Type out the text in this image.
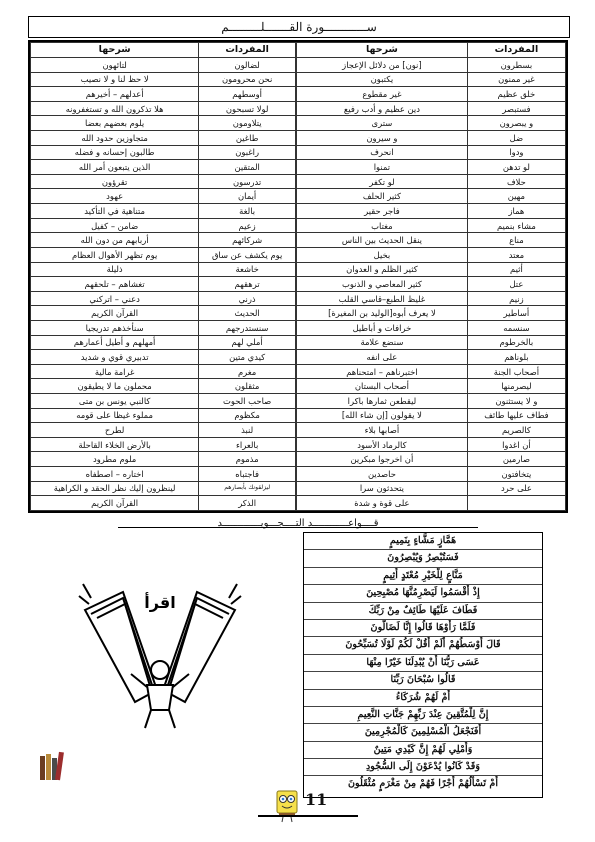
ســــــــــــورة القـــــــلـــــــــم
المفردات	شرحها
بسطرون	[نون] من دلائل الإعجاز
غير ممنون	يكتبون
خلق عظيم	غير مقطوع
فستبصر	دين عظيم و أدب رفيع
و يبصرون	سترى
ضل	و سيرون
ودوا	انحرف
لو تدهن	تمنوا
حلاف	لو تكفر
مهين	كثير الحلف
هماز	فاجر حقير
مشاء بنميم	مغتاب
مناع	ينقل الحديث بين الناس
معتد	بخيل
أثيم	كثير الظلم و العدوان
عتل	كثير المعاصي و الذنوب
زنيم	غليظ الطبع–قاسي القلب
أساطير	لا يعرف أبوه[الوليد بن المغيرة]
سنسمه	خرافات و أباطيل
بالخرطوم	سنضع علامة
بلوناهم	على انفه
أصحاب الجنة	اختبرناهم – امتحناهم
ليصرمنها	أصحاب البستان
و لا يستثنون	ليقطعن ثمارها باكرا
فطاف عليها طائف	لا يقولون [إن شاء الله]
كالصريم	أصابها بلاء
أن اغدوا	كالرماد الأسود
صارمين	أن اخرجوا مبكرين
يتخافتون	حاصدين
على حرد	يتحدثون سرا
	على قوة و شدة
المفردات	شرحها
لضالون	لتائهون
نحن محرومون	لا حظ لنا و لا نصيب
أوسطهم	أعدلهم – أخيرهم
لولا تسبحون	هلا تذكرون الله و تستغفرونه
يتلاومون	يلوم بعضهم بعضا
طاغين	متجاوزين حدود الله
راغبون	طالبون إحسانه و فضله
المتقين	الذين يتبعون أمر الله
تدرسون	تقرؤون
أيمان	عهود
بالغة	متناهية في التأكيد
زعيم	ضامن – كفيل
شركائهم	أربابهم من دون الله
يوم يكشف عن ساق	يوم تظهر الأهوال العظام
خاشعة	ذليلة
ترهقهم	تغشاهم – تلحقهم
ذرني	دعني – اتركني
الحديث	القرآن الكريم
سنستدرجهم	سنأخذهم تدريجيا
أملي لهم	أمهلهم و أطيل أعمارهم
كيدي متين	تدبيري قوي و شديد
مغرم	غرامة مالية
مثقلون	محملون ما لا يطيقون
صاحب الحوت	كالنبي يونس بن متى
مكظوم	مملوء غيظا على قومه
لنبذ	لطرح
بالعراء	بالأرض الخلاء القاحلة
مذموم	ملوم مطرود
فاجتباه	اختاره – اصطفاه
ليزلقونك بأبصارهم	لينظرون إليك نظر الحقد و الكراهية
الذكر	القرآن الكريم
قــــواعــــــــــــد التــــجـــويـــــــــــــد
هَمَّازٍ مَشَّاءٍ بِنَمِيمٍ
فَسَتُبْصِرُ وَيُبْصِرُونَ
مَنَّاعٍ لِلْخَيْرِ مُعْتَدٍ أَثِيمٍ
إِذْ أَقْسَمُوا لَيَصْرِمُنَّهَا مُصْبِحِينَ
فَطَافَ عَلَيْهَا طَائِفٌ مِنْ رَبِّكَ
فَلَمَّا رَأَوْهَا قَالُوا إِنَّا لَضَالُّونَ
قَالَ أَوْسَطُهُمْ أَلَمْ أَقُلْ لَكُمْ لَوْلَا تُسَبِّحُونَ
عَسَى رَبُّنَا أَنْ يُبْدِلَنَا خَيْرًا مِنْهَا
قَالُوا سُبْحَانَ رَبِّنَا
أَمْ لَهُمْ شُرَكَاءُ
إِنَّ لِلْمُتَّقِينَ عِنْدَ رَبِّهِمْ جَنَّاتِ النَّعِيمِ
أَفَنَجْعَلُ الْمُسْلِمِينَ كَالْمُجْرِمِينَ
وَأُمْلِي لَهُمْ إِنَّ كَيْدِي مَتِينٌ
وَقَدْ كَانُوا يُدْعَوْنَ إِلَى السُّجُودِ
أَمْ تَسْأَلُهُمْ أَجْرًا فَهُمْ مِنْ مَغْرَمٍ مُثْقَلُونَ
اقرأ
11
